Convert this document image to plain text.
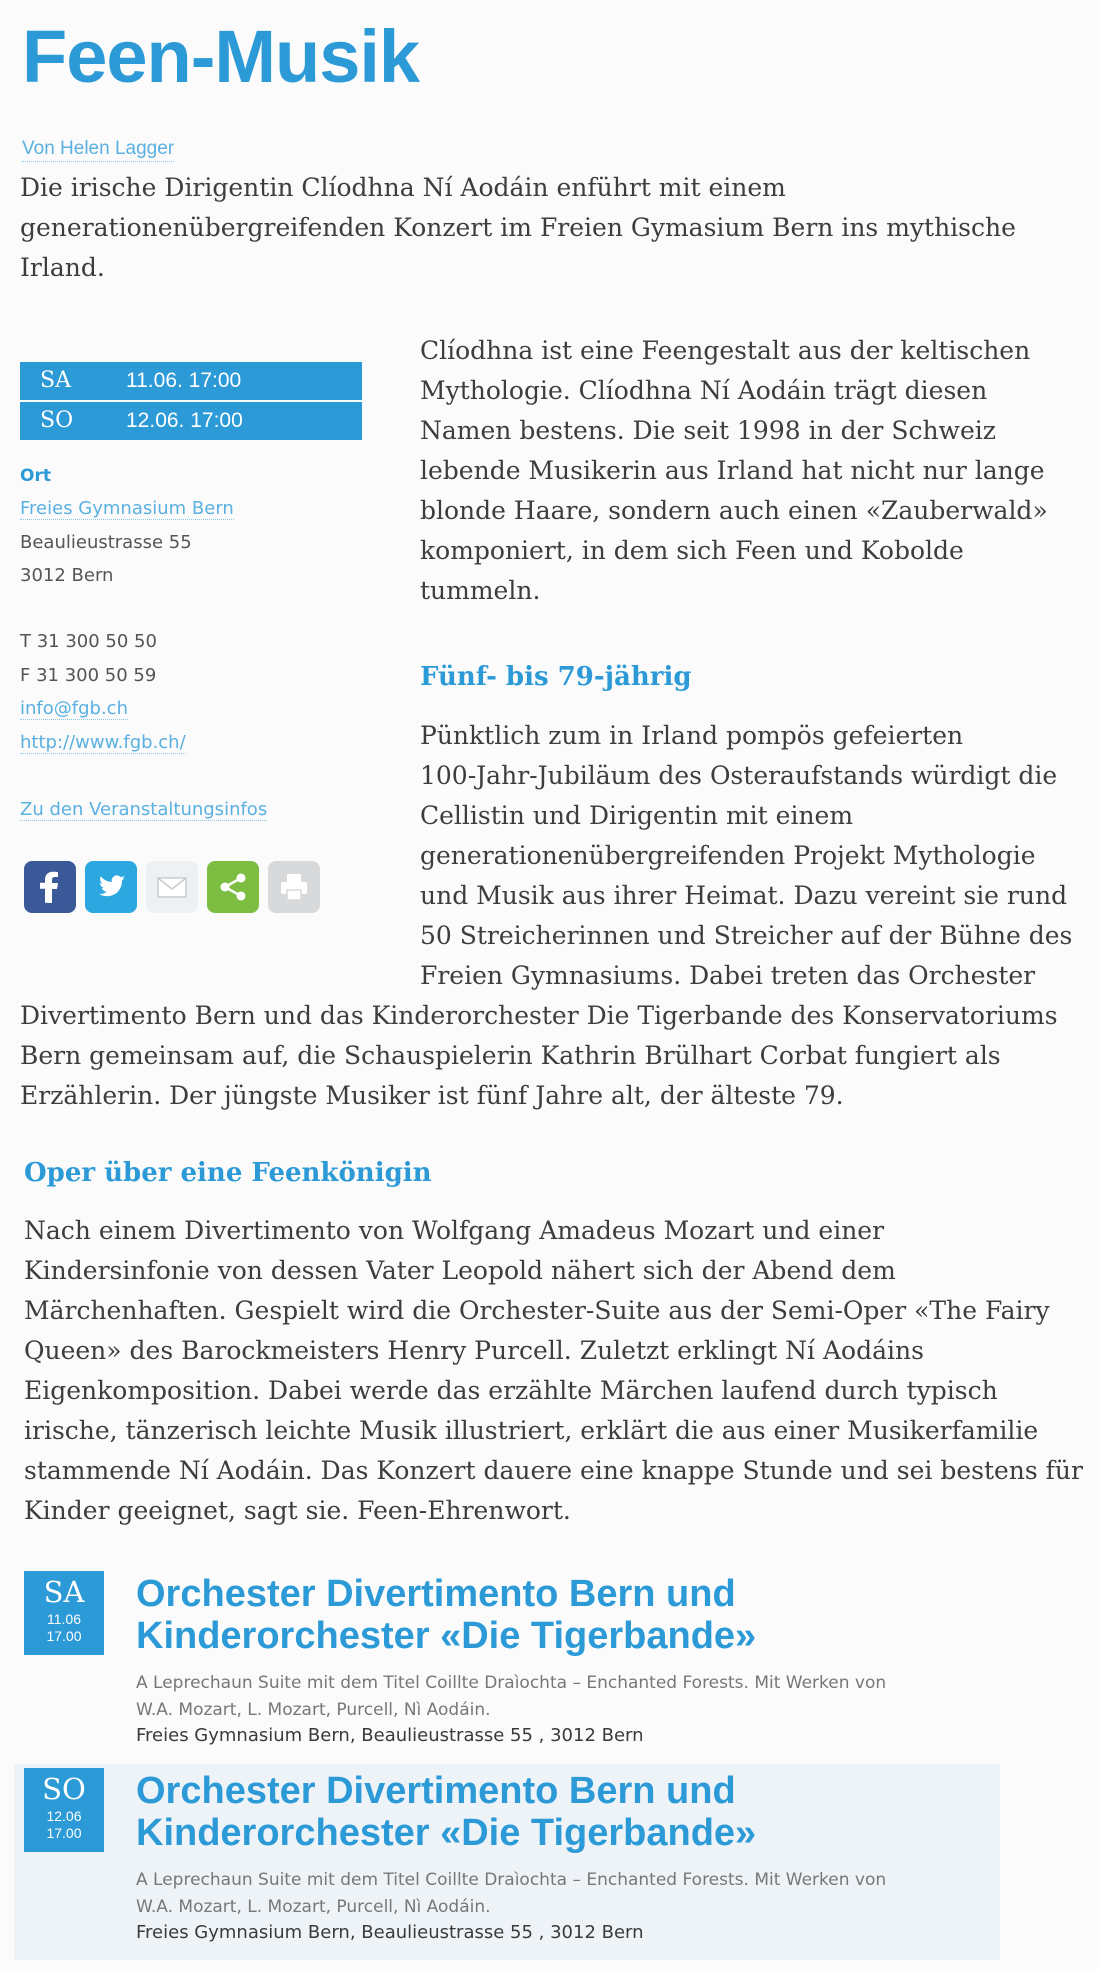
Feen-Musik
Von Helen Lagger

Die irische Dirigentin Clíodhna Ní Aodáin enführt mit einem generationenübergreifenden Konzert im Freien Gymasium Bern ins mythische Irland.

SA	11.06. 17:00
SO	12.06. 17:00
Ort
Freies Gymnasium Bern
Beaulieustrasse 55
3012 Bern
T 31 300 50 50
F 31 300 50 59
info@fgb.ch
http://www.fgb.ch/
Zu den Veranstaltungsinfos
Clíodhna ist eine Feengestalt aus der keltischen
Mythologie. Clíodhna Ní Aodáin trägt diesen
Namen bestens. Die seit 1998 in der Schweiz
lebende Musikerin aus Irland hat nicht nur lange
blonde Haare, sondern auch einen «Zauberwald»
komponiert, in dem sich Feen und Kobolde
tummeln.
Fünf- bis 79-jährig
Pünktlich zum in Irland pompös gefeierten
100-Jahr-Jubiläum des Osteraufstands würdigt die
Cellistin und Dirigentin mit einem
generationenübergreifenden Projekt Mythologie
und Musik aus ihrer Heimat. Dazu vereint sie rund
50 Streicherinnen und Streicher auf der Bühne des
Freien Gymnasiums. Dabei treten das Orchester
Divertimento Bern und das Kinderorchester Die Tigerbande des Konservatoriums
Bern gemeinsam auf, die Schauspielerin Kathrin Brülhart Corbat fungiert als
Erzählerin. Der jüngste Musiker ist fünf Jahre alt, der älteste 79.
Oper über eine Feenkönigin
Nach einem Divertimento von Wolfgang Amadeus Mozart und einer
Kindersinfonie von dessen Vater Leopold nähert sich der Abend dem
Märchenhaften. Gespielt wird die Orchester-Suite aus der Semi-Oper «The Fairy
Queen» des Barockmeisters Henry Purcell. Zuletzt erklingt Ní Aodáins
Eigenkomposition. Dabei werde das erzählte Märchen laufend durch typisch
irische, tänzerisch leichte Musik illustriert, erklärt die aus einer Musikerfamilie
stammende Ní Aodáin. Das Konzert dauere eine knappe Stunde und sei bestens für
Kinder geeignet, sagt sie. Feen-Ehrenwort.
SA
11.06
17.00
Orchester Divertimento Bern und
Kinderorchester «Die Tigerbande»
A Leprechaun Suite mit dem Titel Coillte Draìochta – Enchanted Forests. Mit Werken von
W.A. Mozart, L. Mozart, Purcell, Nì Aodáin.
Freies Gymnasium Bern, Beaulieustrasse 55 , 3012 Bern
SO
12.06
17.00
Orchester Divertimento Bern und
Kinderorchester «Die Tigerbande»
A Leprechaun Suite mit dem Titel Coillte Draìochta – Enchanted Forests. Mit Werken von
W.A. Mozart, L. Mozart, Purcell, Nì Aodáin.
Freies Gymnasium Bern, Beaulieustrasse 55 , 3012 Bern
